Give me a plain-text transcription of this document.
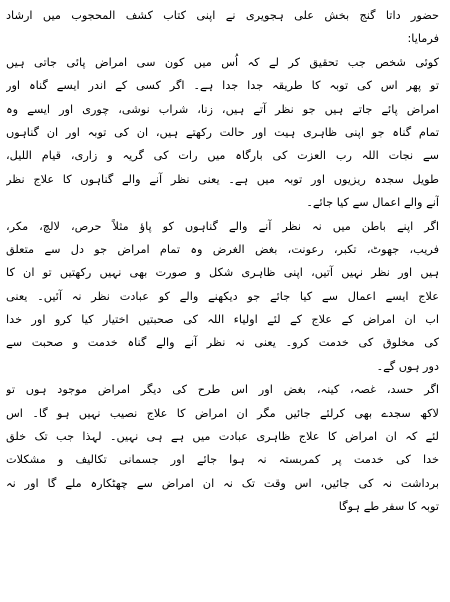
حضور داتا گنج بخش علی ہجویری نے اپنی کتاب کشف المحجوب میں ارشاد
فرمایا:
کوئی شخص جب تحقیق کر لے کہ اُس میں کون سی امراض پائی جاتی ہیں
تو پھر اس کی توبہ کا طریقہ جدا جدا ہے۔ اگر کسی کے اندر ایسے گناہ اور
امراض پائے جاتے ہیں جو نظر آتے ہیں، زنا، شراب نوشی، چوری اور ایسے وہ
تمام گناہ جو اپنی ظاہری ہیت اور حالت رکھتے ہیں، ان کی توبہ اور ان گناہوں
سے نجات اللہ رب العزت کی بارگاہ میں رات کی گریہ و زاری، قیام اللیل،
طویل سجدہ ریزیوں اور توبہ میں ہے۔ یعنی نظر آنے والے گناہوں کا علاج نظر
آنے والے اعمال سے کیا جائے۔
اگر اپنے باطن میں نہ نظر آنے والے گناہوں کو پاؤ مثلاً حرص، لالچ، مکر،
فریب، جھوٹ، تکبر، رعونت، بغض الغرض وہ تمام امراض جو دل سے متعلق
ہیں اور نظر نہیں آتیں، اپنی ظاہری شکل و صورت بھی نہیں رکھتیں تو ان کا
علاج ایسے اعمال سے کیا جائے جو دیکھنے والے کو عبادت نظر نہ آئیں۔ یعنی
اب ان امراض کے علاج کے لئے اولیاء اللہ کی صحبتیں اختیار کیا کرو اور خدا
کی مخلوق کی خدمت کرو۔ یعنی نہ نظر آنے والے گناہ خدمت و صحبت سے
دور ہوں گے۔
اگر حسد، غصہ، کینہ، بغض اور اس طرح کی دیگر امراض موجود ہوں تو
لاکھ سجدے بھی کرلئے جائیں مگر ان امراض کا علاج نصیب نہیں ہو گا۔ اس
لئے کہ ان امراض کا علاج ظاہری عبادت میں ہے ہی نہیں۔ لہذا جب تک خلق
خدا کی خدمت پر کمربستہ نہ ہوا جائے اور جسمانی تکالیف و مشکلات
برداشت نہ کی جائیں، اس وقت تک نہ ان امراض سے چھٹکارہ ملے گا اور نہ
توبہ کا سفر طے ہوگا
